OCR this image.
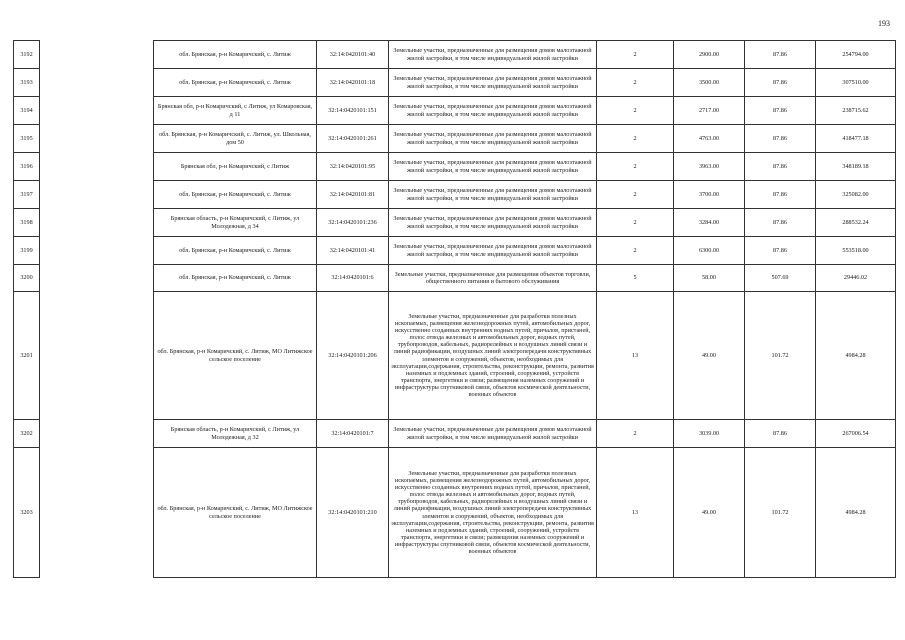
193
3192		обл. Брянская, р-н Комаричский, с. Литиж	32:14:0420101:40	Земельные участки, предназначенные для размещения домов малоэтажной жилой застройки, в том числе индивидуальной жилой застройки	2	2900.00	87.86	254794.00
3193		обл. Брянская, р-н Комаричский, с. Литиж	32:14:0420101:18	Земельные участки, предназначенные для размещения домов малоэтажной жилой застройки, в том числе индивидуальной жилой застройки	2	3500.00	87.86	307510.00
3194		Брянская обл, р-н Комаричский, с Литиж, ул Комаровская, д 11	32:14:0420101:151	Земельные участки, предназначенные для размещения домов малоэтажной жилой застройки, в том числе индивидуальной жилой застройки	2	2717.00	87.86	238715.62
3195		обл. Брянская, р-н Комаричский, с. Литиж, ул. Школьная, дом 50	32:14:0420101:261	Земельные участки, предназначенные для размещения домов малоэтажной жилой застройки, в том числе индивидуальной жилой застройки	2	4763.00	87.86	418477.18
3196		Брянская обл, р-н Комаричский, с Литиж	32:14:0420101:95	Земельные участки, предназначенные для размещения домов малоэтажной жилой застройки, в том числе индивидуальной жилой застройки	2	3963.00	87.86	348189.18
3197		обл. Брянская, р-н Комаричский, с. Литиж	32:14:0420101:81	Земельные участки, предназначенные для размещения домов малоэтажной жилой застройки, в том числе индивидуальной жилой застройки	2	3700.00	87.86	325082.00
3198		Брянская область, р-н Комаричский, с Литиж, ул Молодежная, д 34	32:14:0420101:236	Земельные участки, предназначенные для размещения домов малоэтажной жилой застройки, в том числе индивидуальной жилой застройки	2	3284.00	87.86	288532.24
3199		обл. Брянская, р-н Комаричский, с. Литиж	32:14:0420101:41	Земельные участки, предназначенные для размещения домов малоэтажной жилой застройки, в том числе индивидуальной жилой застройки	2	6300.00	87.86	553518.00
3200		обл. Брянская, р-н Комаричский, с. Литиж	32:14:0420101:6	Земельные участки, предназначенные для размещения объектов торговли, общественного питания и бытового обслуживания	5	58.00	507.69	29446.02
3201		обл. Брянская, р-н Комаричский, с. Литиж, МО Литижское сельское поселение	32:14:0420101:206	Земельные участки, предназначенные для разработки полезных ископаемых, размещения железнодорожных путей, автомобильных дорог, искусственно созданных внутренних водных путей, причалов, пристаней, полос отвода железных и автомобильных дорог, водных путей, трубопроводов, кабельных, радиорелейных и воздушных линий связи и линий радиофикации, воздушных линий электропередачи конструктивных элементов и сооружений, объектов, необходимых для эксплуатации,содержания, строительства, реконструкции, ремонта, развития наземных и подземных зданий, строений, сооружений, устройств транспорта, энергетики и связи; размещения наземных сооружений и инфраструктуры спутниковой связи, объектов космической деятельности, военных объектов	13	49.00	101.72	4984.28
3202		Брянская область, р-н Комаричский, с Литиж, ул Молодежная, д 32	32:14:0420101:7	Земельные участки, предназначенные для размещения домов малоэтажной жилой застройки, в том числе индивидуальной жилой застройки	2	3039.00	87.86	267006.54
3203		обл. Брянская, р-н Комаричский, с. Литиж, МО Литижское сельское поселение	32:14:0420101:210	Земельные участки, предназначенные для разработки полезных ископаемых, размещения железнодорожных путей, автомобильных дорог, искусственно созданных внутренних водных путей, причалов, пристаней, полос отвода железных и автомобильных дорог, водных путей, трубопроводов, кабельных, радиорелейных и воздушных линий связи и линий радиофикации, воздушных линий электропередачи конструктивных элементов и сооружений, объектов, необходимых для эксплуатации,содержания, строительства, реконструкции, ремонта, развития наземных и подземных зданий, строений, сооружений, устройств транспорта, энергетики и связи; размещения наземных сооружений и инфраструктуры спутниковой связи, объектов космической деятельности, военных объектов	13	49.00	101.72	4984.28
